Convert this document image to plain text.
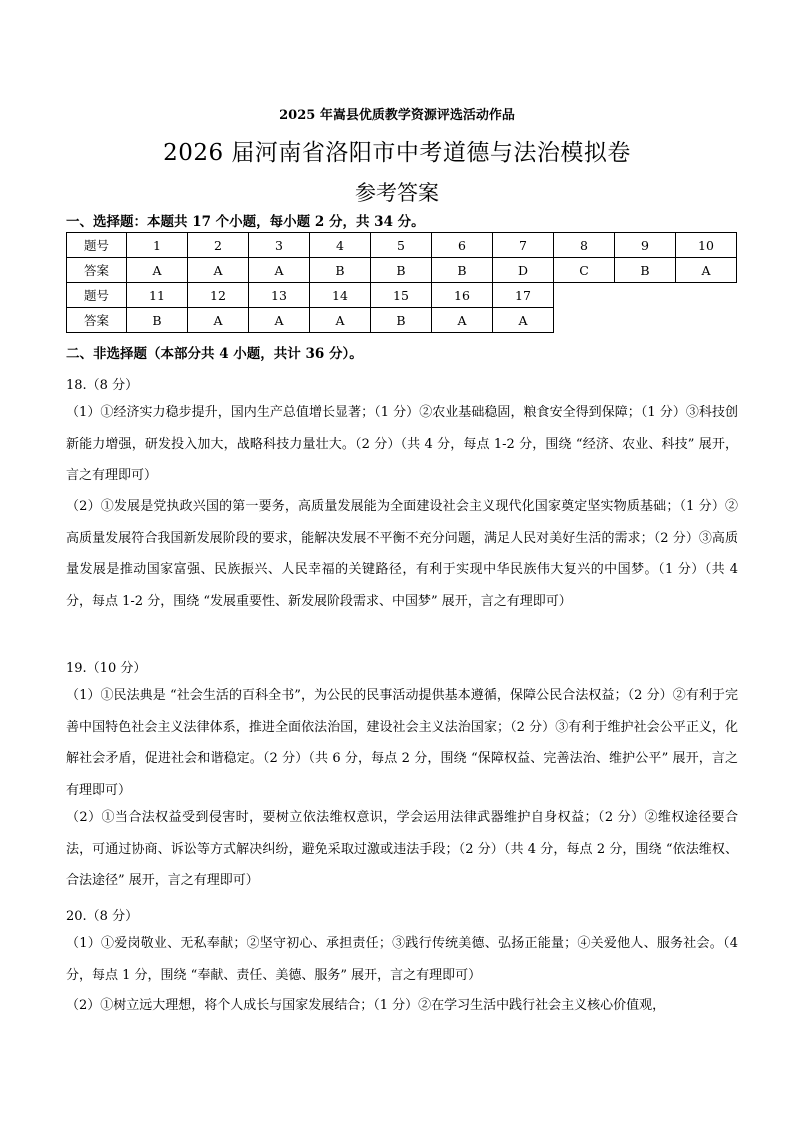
2025 年嵩县优质教学资源评选活动作品
2026 届河南省洛阳市中考道德与法治模拟卷
参考答案
一、选择题：本题共 17 个小题，每小题 2 分，共 34 分。
题号	1	2	3	4	5	6	7	8	9	10
答案	A	A	A	B	B	B	D	C	B	A
题号	11	12	13	14	15	16	17
答案	B	A	A	A	B	A	A
二、非选择题（本部分共 4 小题，共计 36 分）。
18.（8 分）
（1）①经济实力稳步提升，国内生产总值增长显著；（1 分）②农业基础稳固，粮食安全得到保障；（1 分）③科技创新能力增强，研发投入加大，战略科技力量壮大。（2 分）（共 4 分，每点 1-2 分，围绕 “经济、农业、科技” 展开，言之有理即可）
（2）①发展是党执政兴国的第一要务，高质量发展能为全面建设社会主义现代化国家奠定坚实物质基础；（1 分）②高质量发展符合我国新发展阶段的要求，能解决发展不平衡不充分问题，满足人民对美好生活的需求；（2 分）③高质量发展是推动国家富强、民族振兴、人民幸福的关键路径，有利于实现中华民族伟大复兴的中国梦。（1 分）（共 4 分，每点 1-2 分，围绕 “发展重要性、新发展阶段需求、中国梦” 展开，言之有理即可）
19.（10 分）
（1）①民法典是 “社会生活的百科全书”，为公民的民事活动提供基本遵循，保障公民合法权益；（2 分）②有利于完善中国特色社会主义法律体系，推进全面依法治国，建设社会主义法治国家；（2 分）③有利于维护社会公平正义，化解社会矛盾，促进社会和谐稳定。（2 分）（共 6 分，每点 2 分，围绕 “保障权益、完善法治、维护公平” 展开，言之有理即可）
（2）①当合法权益受到侵害时，要树立依法维权意识，学会运用法律武器维护自身权益；（2 分）②维权途径要合法，可通过协商、诉讼等方式解决纠纷，避免采取过激或违法手段；（2 分）（共 4 分，每点 2 分，围绕 “依法维权、合法途径” 展开，言之有理即可）
20.（8 分）
（1）①爱岗敬业、无私奉献；②坚守初心、承担责任；③践行传统美德、弘扬正能量；④关爱他人、服务社会。（4 分，每点 1 分，围绕 “奉献、责任、美德、服务” 展开，言之有理即可）
（2）①树立远大理想，将个人成长与国家发展结合；（1 分）②在学习生活中践行社会主义核心价值观，
